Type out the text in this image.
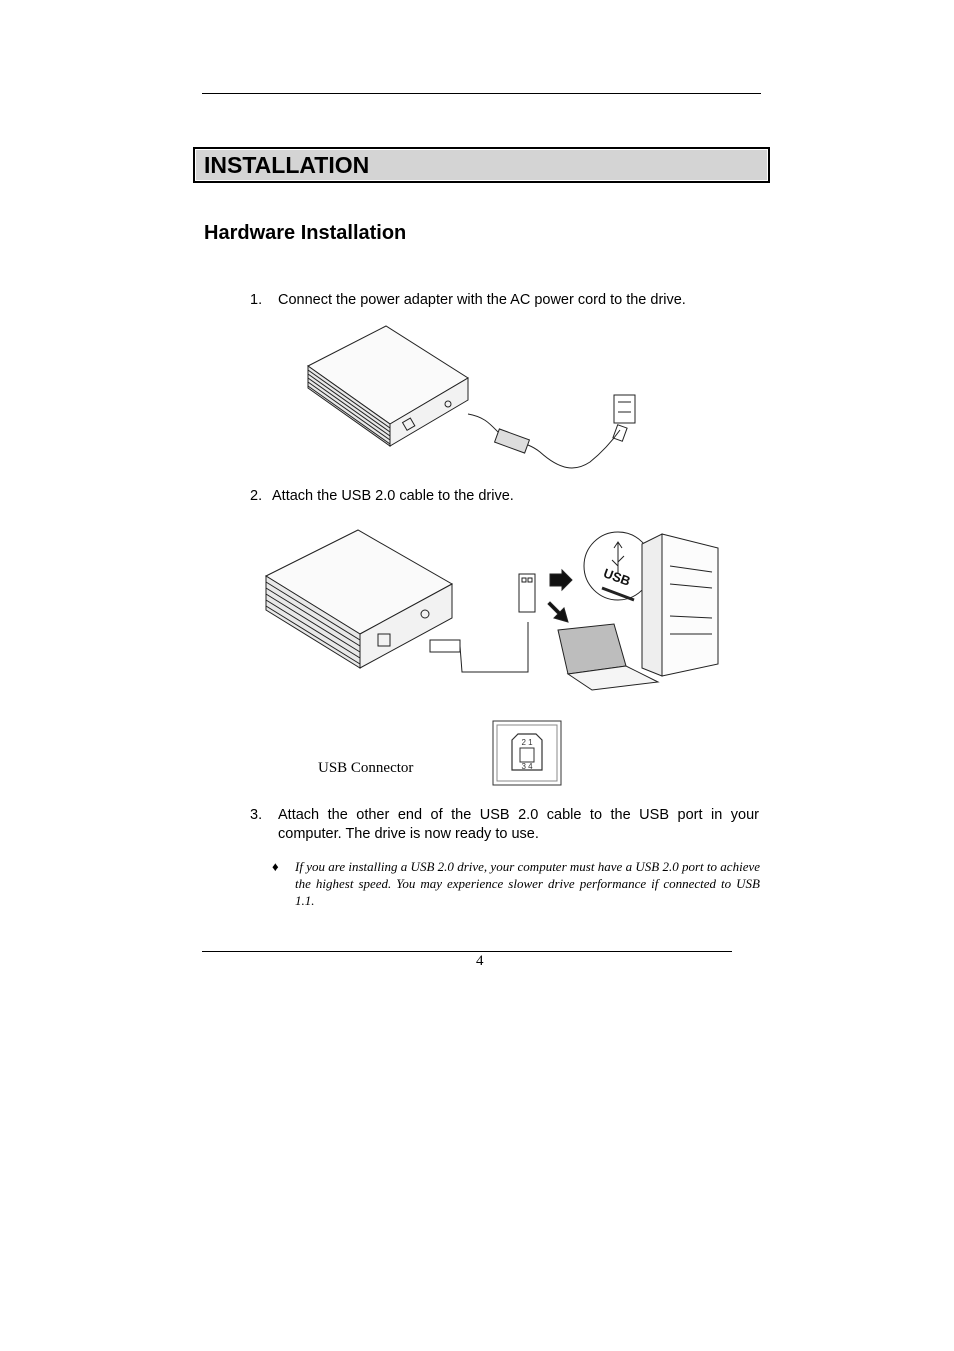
INSTALLATION
Hardware Installation
1. Connect the power adapter with the AC power cord to the drive.
2. Attach the USB 2.0 cable to the drive.
USB
USB Connector
2 1
3 4
3. Attach the other end of the USB 2.0 cable to the USB port in your computer. The drive is now ready to use.
♦ If you are installing a USB 2.0 drive, your computer must have a USB 2.0 port to achieve the highest speed. You may experience slower drive performance if connected to USB 1.1.
4
